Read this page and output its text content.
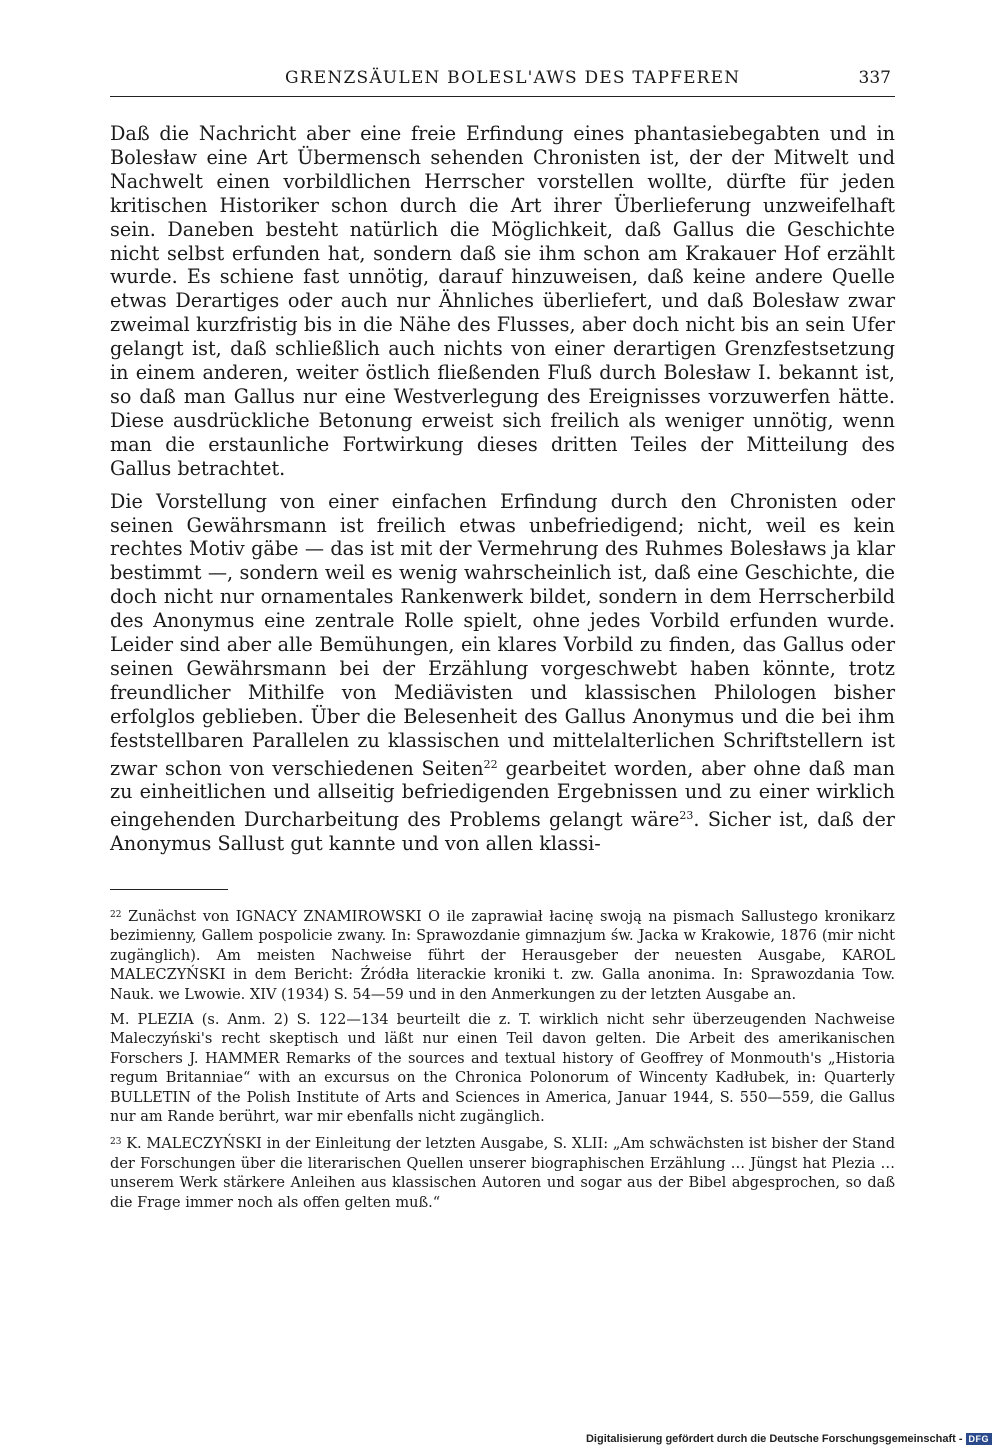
GRENZSÄULEN BOLESL'AWS DES TAPFEREN	337

Daß die Nachricht aber eine freie Erfindung eines phantasiebegabten und in Bolesław eine Art Übermensch sehenden Chronisten ist, der der Mitwelt und Nachwelt einen vorbildlichen Herrscher vorstellen wollte, dürfte für jeden kritischen Historiker schon durch die Art ihrer Überlieferung unzweifelhaft sein. Daneben besteht natürlich die Möglichkeit, daß Gallus die Geschichte nicht selbst erfunden hat, sondern daß sie ihm schon am Krakauer Hof erzählt wurde. Es schiene fast unnötig, darauf hinzuweisen, daß keine andere Quelle etwas Derartiges oder auch nur Ähnliches überliefert, und daß Bolesław zwar zweimal kurzfristig bis in die Nähe des Flusses, aber doch nicht bis an sein Ufer gelangt ist, daß schließlich auch nichts von einer derartigen Grenzfestsetzung in einem anderen, weiter östlich fließenden Fluß durch Bolesław I. bekannt ist, so daß man Gallus nur eine Westverlegung des Ereignisses vorzuwerfen hätte. Diese ausdrückliche Betonung erweist sich freilich als weniger unnötig, wenn man die erstaunliche Fortwirkung dieses dritten Teiles der Mitteilung des Gallus betrachtet.

Die Vorstellung von einer einfachen Erfindung durch den Chronisten oder seinen Gewährsmann ist freilich etwas unbefriedigend; nicht, weil es kein rechtes Motiv gäbe — das ist mit der Vermehrung des Ruhmes Bolesławs ja klar bestimmt —, sondern weil es wenig wahrscheinlich ist, daß eine Geschichte, die doch nicht nur ornamentales Rankenwerk bildet, sondern in dem Herrscherbild des Anonymus eine zentrale Rolle spielt, ohne jedes Vorbild erfunden wurde. Leider sind aber alle Bemühungen, ein klares Vorbild zu finden, das Gallus oder seinen Gewährsmann bei der Erzählung vorgeschwebt haben könnte, trotz freundlicher Mithilfe von Mediävisten und klassischen Philologen bisher erfolglos geblieben. Über die Belesenheit des Gallus Anonymus und die bei ihm feststellbaren Parallelen zu klassischen und mittelalterlichen Schriftstellern ist zwar schon von verschiedenen Seiten$^{22}$ gearbeitet worden, aber ohne daß man zu einheitlichen und allseitig befriedigenden Ergebnissen und zu einer wirklich eingehenden Durcharbeitung des Problems gelangt wäre$^{23}$. Sicher ist, daß der Anonymus Sallust gut kannte und von allen klassi-

$^{22}$ Zunächst von IGNACY ZNAMIROWSKI O ile zaprawiał łacinę swoją na pismach Sallustego kronikarz bezimienny, Gallem pospolicie zwany. In: Sprawozdanie gimnazjum św. Jacka w Krakowie, 1876 (mir nicht zugänglich). Am meisten Nachweise führt der Herausgeber der neuesten Ausgabe, KAROL MALECZYŃSKI in dem Bericht: Źródła literackie kroniki t. zw. Galla anonima. In: Sprawozdania Tow. Nauk. we Lwowie. XIV (1934) S. 54—59 und in den Anmerkungen zu der letzten Ausgabe an.

M. PLEZIA (s. Anm. 2) S. 122—134 beurteilt die z. T. wirklich nicht sehr überzeugenden Nachweise Maleczyński's recht skeptisch und läßt nur einen Teil davon gelten. Die Arbeit des amerikanischen Forschers J. HAMMER Remarks of the sources and textual history of Geoffrey of Monmouth's „Historia regum Britanniae“ with an excursus on the Chronica Polonorum of Wincenty Kadłubek, in: Quarterly BULLETIN of the Polish Institute of Arts and Sciences in America, Januar 1944, S. 550—559, die Gallus nur am Rande berührt, war mir ebenfalls nicht zugänglich.

$^{23}$ K. MALECZYŃSKI in der Einleitung der letzten Ausgabe, S. XLII: „Am schwächsten ist bisher der Stand der Forschungen über die literarischen Quellen unserer biographischen Erzählung … Jüngst hat Plezia … unserem Werk stärkere Anleihen aus klassischen Autoren und sogar aus der Bibel abgesprochen, so daß die Frage immer noch als offen gelten muß.“

Digitalisierung gefördert durch die Deutsche Forschungsgemeinschaft - DFG
